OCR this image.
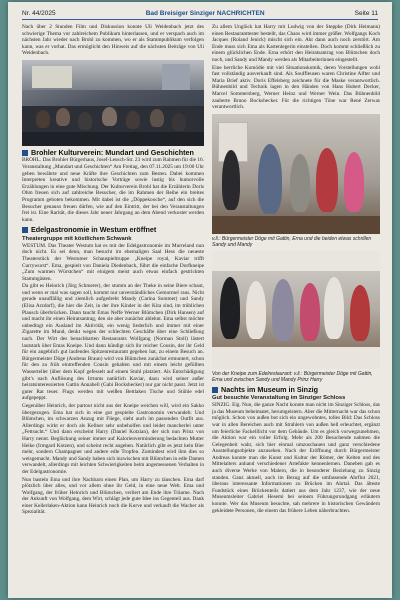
Nr. 44/2025	Bad Breisiger Sinziger NACHRICHTEN	Seite 11
Nach über 2 Stunden Film und Diskussion konnte Uli Weidenbach jetzt des schwierige Thema vor zahlreichem Publikum hinterlassen, und er verspach auch im nächsten Jahr wieder nach Brohl zu kommen, wo er als Stammpublikum verfolgen kann, was er vorhat. Das ermöglicht den Hinweis auf die nächsten Beiträge von Uli Weidenbach.
Brohler Kulturverein: Mundart und Geschichten

BROHL. Das Brohler Bürgerhaus, Josef-Leusch-Str. 23 wird zum Rahmen für die 16. Veranstaltung „Mundart und Geschichten“ Am Freitag, den 07.11.2025 um 19:00 Uhr geben bewährte und neue Kräfte ihre Geschichten zum Besten. Dabei kommen Interpreten kreative und historische Vorträge sowie lustig bis humorvolle Erzählungen in eine gute Mischung. Der Kulturverein Brohl hat die Erzählerin Doris Ohm freuen sich auf zahlreiche Besucher, die im Rahmen der Reihe ein breites Programm geboten bekommen. Mit dabei ist die „Döppekooche“, auf den sich die Besucher genauso freuen dürfen, wie auf den Eintritt, der bei den Veranstaltungen frei ist. Eine Rarität, die dieses Jahr neuer Jahrgang an dem Abend verkostet werden kann.

Edelgastronomie in Westum eröffnet
Theatergruppe mit köstlichem Schwank

WESTUM. Das Theater Westum hat es mit der Edelgastronomie im Murreland nun doch nicht. Es sei denn, man besucht im ehemaligen Saal Hess die neueste Theaterstück der Westumer Schauspieltruppe „Kneipe royal, Kaviar trifft Currywurst“. Ema, gespielt von Daniela Diedenbach, führt die einfache Dorfkneipe „Zum warmen Würstchen“ mit einigem meist auch etwas einfach gestrickten Stammgästen.

Da gibt es Heinrich (Jörg Schmerer), der stumm an der Theke in seine Biere schaut, und wenn er mal was sagen soll, kommt nur unverständliches Gemurmel raus. Nicht gerade unauffällig und ziemlich aufgedreht Mandy (Carina Sommer) und Sandy (Elisa Arzdorf), die hier die Zeit, in der ihre Kinder in der Kita sind, im trüblichen Plausch überbrücken. Dann taucht Emas Neffe Werner Blümchen (Dirk Hansen) auf und macht ihr einen Heiratsantrag, den sie aber zunächst ablehnt. Ema selbst möchte unbedingt ein Ausland im Aktivität, ein wenig liederlich und immer mit einer Zigarette im Mund, denkt wegen der schlechten Geschäfte über eine Schließung nach. Der Wirt des benachbarten Restaurants Wolfgang (Norman Stoll) lästert lautstark über Emas Kneipe. Und dann kündigt sich ihr reicher Cousin, der ihr Geld für ein angeblich gut laufendes Spitzenrestaurant gegeben hat, zu einem Besuch an. Bürgermeister Döge (Andreas Braun) wird von Blümchen zunächst ermuntert, schon für den zu früh eintreffenden Cousin gehalten und mit einem leicht gefüllten Wasserteller (über dem Kopf gefesselt auf einem Stuhl platziert. Als Entschädigung gibt’s nach Auflösung des Irrtums natürlich Kaviar, dazu wird seiner außer heiratsinteressierten Gattin Annabell (Gabi Bockshecker) nur gar nicht passt. Jetzt ist guter Rat teuer. Flugs werden mit weißen Bettlaken Tische und Stühle edel aufgepeppt.

Gegenüber Heinrich, der partout nicht aus der Kneipe weichen will, wird ein Sakko übergezogen. Ema hat sich in eine gut gespielte Gastronomin verwandelt. Und Blümchen, im schwarzen Anzug mit Fliege, sieht auch im passenden Outfit aus. Allerdings wirkt er doch als Kellner sehr unbeholfen und leidet mancherlei unter „Fettsucht.“ Und dann erscheint Harry (Daniel Kotzian), der sich nun Prinz von Harry nennt. Beglückung seiner immer auf Kalorienverminderung bedachten Mutter Heike (Irmgard Kotzen), und scheint recht angeben. Natürlich gibt es jetzt kein Bier mehr, sondern Champagner und andere edle Tropfen. Zumindest wird ihm dies so weisgemacht. Mandy und Sandy haben sich inzwischen mit Blümchen in edle Damen verwandelt, allerdings mit leichten Schwierigkeiten beim angemessenen Verhalten in der Edelgastronomie.

Nun basteln Ema und ihre Nachbarn einen Plan, um Harry zu täuschen. Ema darf plötzlich über alles, und vor allem ohne ihr Geld, in eine neue Welt. Ema und Wolfgang, der früher Heinrich und Blümchen, verliert am Ende ihre Träume. Nach der Ankunft von Wolfgang, dem Wirt, schlägt jede gute Idee ins Gegenteil aus. Dank einer Kellerlaken-Aktion kann Heinrich noch die Kurve und verkauft die Wacher als Spezialität.

Zu allem Unglück hat Harry mit Ludwig von der Steppke (Dirk Heimann) einen Restauranttester bestellt, das Chaos wird immer größer. Wolfgangs Koch Jacques (Roland Jenick) mischt sich ein. Akt dann auch noch zerstört. Am Ende muss sich Ema als Kartenlegerin einstellen. Doch kommt schließlich zu einem glücklichen Ende. Erna erhört den Heiratsantrag von Blümchen doch noch, und Sandy und Mandy werden als Mitarbeiterinnen eingestellt.
Eine herrliche Komödie mit viel Situationskomik, deren Vorstellungen wohl fast vollständig ausverkauft sind. Als Souffleusen waren Christine Alfter und Maria Brief aktiv. Doris Effelsberg zeichnete für die Maske verantwortlich. Bühnenbild und Technik lagen in den Händen von Hans Hubert Decker, Marcel Sommersberg, Werner Heinz und Werner Wein. Das Bühnenbild zauberte Bruno Bockshecker. Für die richtigen Töne war René Zerwas verantwortlich.
v.li.: Bürgermeister Döge mit Gattin, Erna und die beiden etwas schrillen Sandy und Mandy
Von der Kneipe zum Edelrestaurant: v.li.: Bürgermeister Döge mit Gattin, Erna und zwischen Sandy und Mandy Prinz Harry
Nachts im Museum in Sinzig
Gut besuchte Veranstaltung im Sinziger Schloss

SINZIG. Eig. Nun, die ganze Nacht konnte man nicht im Sinziger Schloss, das ja das Museum beheimatet, herumgeistern. Aber die Mitternacht war das schon möglich. Schon von außen bot sich ein ungewohntes, tolles Bild: Das Schloss war in allen Bereichen auch mit Strahlern von außen hell erleuchtet, ergänzt um feierliche Fackelllicht vor dem Gebäude. Um es gleich vorwegzunehmen, die Aktion war ein voller Erfolg. Mehr als 200 Besuchende nahmen die Gelegenheit wahr, sich hier einmal umzuschauen und ganz verschiedene Ausstellungsobjekte anzusehen. Nach der Eröffnung durch Bürgermeister Andreas konnte man die Kunst und Kultur der Römer, der Kelten und des Mittelalters anhand verschiedener Artefakte kennenlernen. Daneben gab es auch diverse Werke von Malern, die in besonderer Beziehung zu Sinzig standen. Ganz aktuell, auch im Bezug auf die umfassende Ahrflut 2021, überaus interessante Informationen zu Brücken im Ahrtal. Das älteste Fundstück eines Brückenteils datiert aus dem Jahr 1237, wie der neue Museumsleiter Gabriel Hesemi bei seinem Führungsrundgang erläutern konnte. Wer das Museum besuchte, sah mehrere in historischen Gewändern gekleidete Personen, die einem das frühere Leben näherbrachten.
